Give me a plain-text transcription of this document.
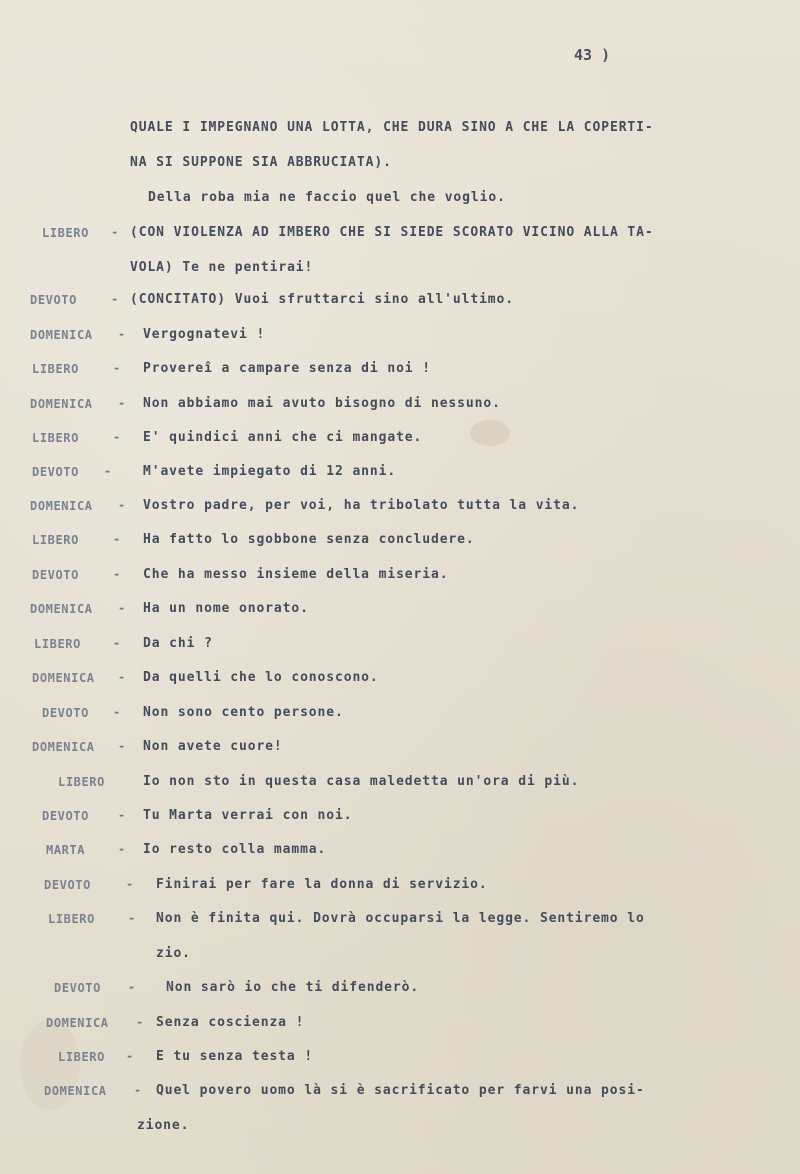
43 )
QUALE I IMPEGNANO UNA LOTTA, CHE DURA SINO A CHE LA COPERTI-
NA SI SUPPONE SIA ABBRUCIATA).
Della roba mia ne faccio quel che voglio.
LIBERO - (CON VIOLENZA AD IMBERO CHE SI SIEDE SCORATO VICINO ALLA TA-
VOLA) Te ne pentirai!
DEVOTO	- (CONCITATO) Vuoi sfruttarci sino all'ultimo.
DOMENICA - Vergognatevi !
LIBERO	- Provereî a campare senza di noi !
DOMENICA - Non abbiamo mai avuto bisogno di nessuno.
LIBERO	- E' quindici anni che ci mangate.
DEVOTO - M'avete impiegato di 12 anni.
DOMENICA - Vostro padre, per voi, ha tribolato tutta la vita.
LIBERO	- Ha fatto lo sgobbone senza concludere.
DEVOTO	- Che ha messo insieme della miseria.
DOMENICA - Ha un nome onorato.
LIBERO	- Da chi ?
DOMENICA - Da quelli che lo conoscono.
DEVOTO - Non sono cento persone.
DOMENICA - Non avete cuore!
LIBERO	Io non sto in questa casa maledetta un'ora di più.
DEVOTO - Tu Marta verrai con noi.
MARTA	- Io resto colla mamma.
DEVOTO	- Finirai per fare la donna di servizio.
LIBERO	- Non è finita qui. Dovrà occuparsi la legge. Sentiremo lo
zio.
DEVOTO - Non sarò io che ti difenderò.
DOMENICA - Senza coscienza !
LIBERO - E tu senza testa !
DOMENICA - Quel povero uomo là si è sacrificato per farvi una posi-
zione.
